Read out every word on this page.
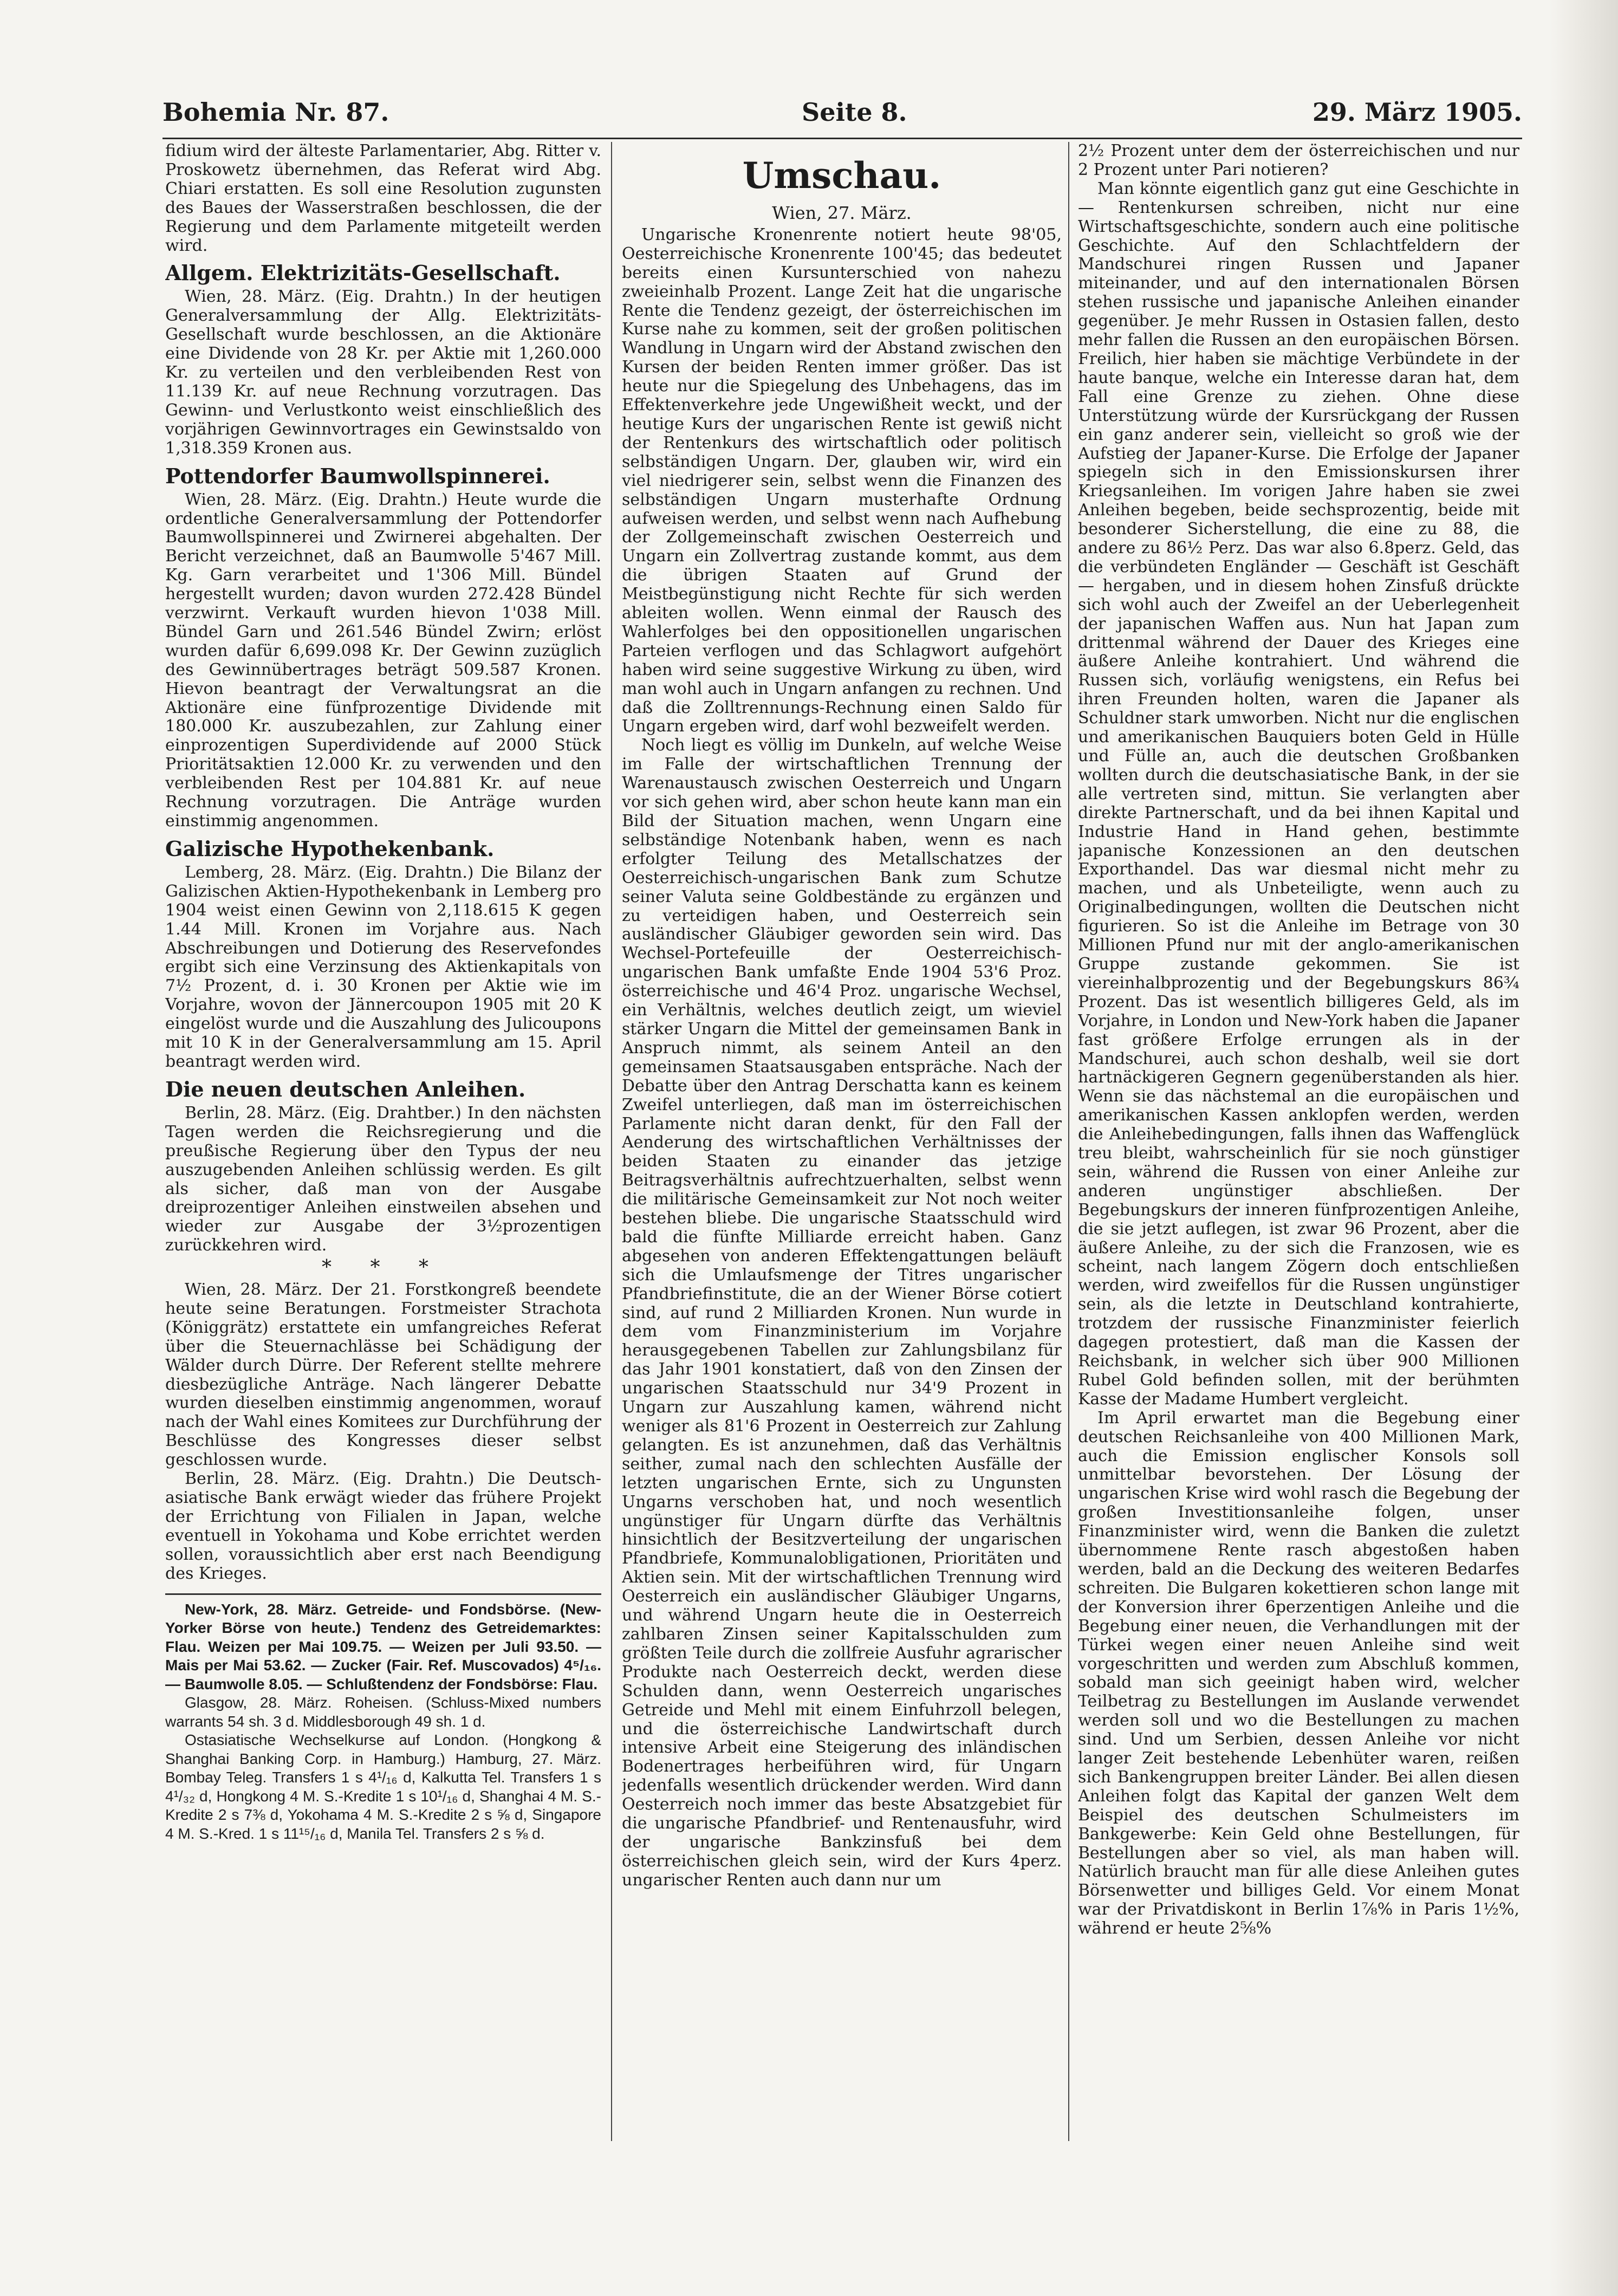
Bohemia Nr. 87.	Seite 8.	29. März 1905.

fidium wird der älteste Parlamentarier, Abg. Ritter v. Proskowetz übernehmen, das Referat wird Abg. Chiari erstatten. Es soll eine Resolution zugunsten des Baues der Wasserstraßen beschlossen, die der Regierung und dem Parlamente mitgeteilt werden wird.

Allgem. Elektrizitäts-Gesellschaft.

Wien, 28. März. (Eig. Drahtn.) In der heutigen Generalversammlung der Allg. Elektrizitäts-Gesellschaft wurde beschlossen, an die Aktionäre eine Dividende von 28 Kr. per Aktie mit 1,260.000 Kr. zu verteilen und den verbleibenden Rest von 11.139 Kr. auf neue Rechnung vorzutragen. Das Gewinn- und Verlustkonto weist einschließlich des vorjährigen Gewinnvortrages ein Gewinstsaldo von 1,318.359 Kronen aus.

Pottendorfer Baumwollspinnerei.

Wien, 28. März. (Eig. Drahtn.) Heute wurde die ordentliche Generalversammlung der Pottendorfer Baumwollspinnerei und Zwirnerei abgehalten. Der Bericht verzeichnet, daß an Baumwolle 5'467 Mill. Kg. Garn verarbeitet und 1'306 Mill. Bündel hergestellt wurden; davon wurden 272.428 Bündel verzwirnt. Verkauft wurden hievon 1'038 Mill. Bündel Garn und 261.546 Bündel Zwirn; erlöst wurden dafür 6,699.098 Kr. Der Gewinn zuzüglich des Gewinnübertrages beträgt 509.587 Kronen. Hievon beantragt der Verwaltungsrat an die Aktionäre eine fünfprozentige Dividende mit 180.000 Kr. auszubezahlen, zur Zahlung einer einprozentigen Superdividende auf 2000 Stück Prioritätsaktien 12.000 Kr. zu verwenden und den verbleibenden Rest per 104.881 Kr. auf neue Rechnung vorzutragen. Die Anträge wurden einstimmig angenommen.

Galizische Hypothekenbank.

Lemberg, 28. März. (Eig. Drahtn.) Die Bilanz der Galizischen Aktien-Hypothekenbank in Lemberg pro 1904 weist einen Gewinn von 2,118.615 K gegen 1.44 Mill. Kronen im Vorjahre aus. Nach Abschreibungen und Dotierung des Reservefondes ergibt sich eine Verzinsung des Aktienkapitals von 7½ Prozent, d. i. 30 Kronen per Aktie wie im Vorjahre, wovon der Jännercoupon 1905 mit 20 K eingelöst wurde und die Auszahlung des Julicoupons mit 10 K in der Generalversammlung am 15. April beantragt werden wird.

Die neuen deutschen Anleihen.

Berlin, 28. März. (Eig. Drahtber.) In den nächsten Tagen werden die Reichsregierung und die preußische Regierung über den Typus der neu auszugebenden Anleihen schlüssig werden. Es gilt als sicher, daß man von der Ausgabe dreiprozentiger Anleihen einstweilen absehen und wieder zur Ausgabe der 3½prozentigen zurückkehren wird.

* * *

Wien, 28. März. Der 21. Forstkongreß beendete heute seine Beratungen. Forstmeister Strachota (Königgrätz) erstattete ein umfangreiches Referat über die Steuernachlässe bei Schädigung der Wälder durch Dürre. Der Referent stellte mehrere diesbezügliche Anträge. Nach längerer Debatte wurden dieselben einstimmig angenommen, worauf nach der Wahl eines Komitees zur Durchführung der Beschlüsse des Kongresses dieser selbst geschlossen wurde.

Berlin, 28. März. (Eig. Drahtn.) Die Deutsch-asiatische Bank erwägt wieder das frühere Projekt der Errichtung von Filialen in Japan, welche eventuell in Yokohama und Kobe errichtet werden sollen, voraussichtlich aber erst nach Beendigung des Krieges.

New-York, 28. März. Getreide- und Fondsbörse. (New-Yorker Börse von heute.) Tendenz des Getreidemarktes: Flau. Weizen per Mai 109.75. — Weizen per Juli 93.50. — Mais per Mai 53.62. — Zucker (Fair. Ref. Muscovados) 4⁵/₁₆. — Baumwolle 8.05. — Schlußtendenz der Fondsbörse: Flau.

Glasgow, 28. März. Roheisen. (Schluss-Mixed numbers warrants 54 sh. 3 d. Middlesborough 49 sh. 1 d.

Ostasiatische Wechselkurse auf London. (Hongkong & Shanghai Banking Corp. in Hamburg.) Hamburg, 27. März. Bombay Teleg. Transfers 1 s 4¹/₁₆ d, Kalkutta Tel. Transfers 1 s 4¹/₃₂ d, Hongkong 4 M. S.-Kredite 1 s 10¹/₁₆ d, Shanghai 4 M. S.-Kredite 2 s 7⅜ d, Yokohama 4 M. S.-Kredite 2 s ⅝ d, Singapore 4 M. S.-Kred. 1 s 11¹⁵/₁₆ d, Manila Tel. Transfers 2 s ⅝ d.

Umschau.
Wien, 27. März.

Ungarische Kronenrente notiert heute 98'05, Oesterreichische Kronenrente 100'45; das bedeutet bereits einen Kursunterschied von nahezu zweieinhalb Prozent. Lange Zeit hat die ungarische Rente die Tendenz gezeigt, der österreichischen im Kurse nahe zu kommen, seit der großen politischen Wandlung in Ungarn wird der Abstand zwischen den Kursen der beiden Renten immer größer. Das ist heute nur die Spiegelung des Unbehagens, das im Effektenverkehre jede Ungewißheit weckt, und der heutige Kurs der ungarischen Rente ist gewiß nicht der Rentenkurs des wirtschaftlich oder politisch selbständigen Ungarn. Der, glauben wir, wird ein viel niedrigerer sein, selbst wenn die Finanzen des selbständigen Ungarn musterhafte Ordnung aufweisen werden, und selbst wenn nach Aufhebung der Zollgemeinschaft zwischen Oesterreich und Ungarn ein Zollvertrag zustande kommt, aus dem die übrigen Staaten auf Grund der Meistbegünstigung nicht Rechte für sich werden ableiten wollen. Wenn einmal der Rausch des Wahlerfolges bei den oppositionellen ungarischen Parteien verflogen und das Schlagwort aufgehört haben wird seine suggestive Wirkung zu üben, wird man wohl auch in Ungarn anfangen zu rechnen. Und daß die Zolltrennungs-Rechnung einen Saldo für Ungarn ergeben wird, darf wohl bezweifelt werden.

Noch liegt es völlig im Dunkeln, auf welche Weise im Falle der wirtschaftlichen Trennung der Warenaustausch zwischen Oesterreich und Ungarn vor sich gehen wird, aber schon heute kann man ein Bild der Situation machen, wenn Ungarn eine selbständige Notenbank haben, wenn es nach erfolgter Teilung des Metallschatzes der Oesterreichisch-ungarischen Bank zum Schutze seiner Valuta seine Goldbestände zu ergänzen und zu verteidigen haben, und Oesterreich sein ausländischer Gläubiger geworden sein wird. Das Wechsel-Portefeuille der Oesterreichisch-ungarischen Bank umfaßte Ende 1904 53'6 Proz. österreichische und 46'4 Proz. ungarische Wechsel, ein Verhältnis, welches deutlich zeigt, um wieviel stärker Ungarn die Mittel der gemeinsamen Bank in Anspruch nimmt, als seinem Anteil an den gemeinsamen Staatsausgaben entspräche. Nach der Debatte über den Antrag Derschatta kann es keinem Zweifel unterliegen, daß man im österreichischen Parlamente nicht daran denkt, für den Fall der Aenderung des wirtschaftlichen Verhältnisses der beiden Staaten zu einander das jetzige Beitragsverhältnis aufrechtzuerhalten, selbst wenn die militärische Gemeinsamkeit zur Not noch weiter bestehen bliebe. Die ungarische Staatsschuld wird bald die fünfte Milliarde erreicht haben. Ganz abgesehen von anderen Effektengattungen beläuft sich die Umlaufsmenge der Titres ungarischer Pfandbriefinstitute, die an der Wiener Börse cotiert sind, auf rund 2 Milliarden Kronen. Nun wurde in dem vom Finanzministerium im Vorjahre herausgegebenen Tabellen zur Zahlungsbilanz für das Jahr 1901 konstatiert, daß von den Zinsen der ungarischen Staatsschuld nur 34'9 Prozent in Ungarn zur Auszahlung kamen, während nicht weniger als 81'6 Prozent in Oesterreich zur Zahlung gelangten. Es ist anzunehmen, daß das Verhältnis seither, zumal nach den schlechten Ausfälle der letzten ungarischen Ernte, sich zu Ungunsten Ungarns verschoben hat, und noch wesentlich ungünstiger für Ungarn dürfte das Verhältnis hinsichtlich der Besitzverteilung der ungarischen Pfandbriefe, Kommunalobligationen, Prioritäten und Aktien sein. Mit der wirtschaftlichen Trennung wird Oesterreich ein ausländischer Gläubiger Ungarns, und während Ungarn heute die in Oesterreich zahlbaren Zinsen seiner Kapitalsschulden zum größten Teile durch die zollfreie Ausfuhr agrarischer Produkte nach Oesterreich deckt, werden diese Schulden dann, wenn Oesterreich ungarisches Getreide und Mehl mit einem Einfuhrzoll belegen, und die österreichische Landwirtschaft durch intensive Arbeit eine Steigerung des inländischen Bodenertrages herbeiführen wird, für Ungarn jedenfalls wesentlich drückender werden. Wird dann Oesterreich noch immer das beste Absatzgebiet für die ungarische Pfandbrief- und Rentenausfuhr, wird der ungarische Bankzinsfuß bei dem österreichischen gleich sein, wird der Kurs 4perz. ungarischer Renten auch dann nur um

2½ Prozent unter dem der österreichischen und nur 2 Prozent unter Pari notieren?

Man könnte eigentlich ganz gut eine Geschichte in — Rentenkursen schreiben, nicht nur eine Wirtschaftsgeschichte, sondern auch eine politische Geschichte. Auf den Schlachtfeldern der Mandschurei ringen Russen und Japaner miteinander, und auf den internationalen Börsen stehen russische und japanische Anleihen einander gegenüber. Je mehr Russen in Ostasien fallen, desto mehr fallen die Russen an den europäischen Börsen. Freilich, hier haben sie mächtige Verbündete in der haute banque, welche ein Interesse daran hat, dem Fall eine Grenze zu ziehen. Ohne diese Unterstützung würde der Kursrückgang der Russen ein ganz anderer sein, vielleicht so groß wie der Aufstieg der Japaner-Kurse. Die Erfolge der Japaner spiegeln sich in den Emissionskursen ihrer Kriegsanleihen. Im vorigen Jahre haben sie zwei Anleihen begeben, beide sechsprozentig, beide mit besonderer Sicherstellung, die eine zu 88, die andere zu 86½ Perz. Das war also 6.8perz. Geld, das die verbündeten Engländer — Geschäft ist Geschäft — hergaben, und in diesem hohen Zinsfuß drückte sich wohl auch der Zweifel an der Ueberlegenheit der japanischen Waffen aus. Nun hat Japan zum drittenmal während der Dauer des Krieges eine äußere Anleihe kontrahiert. Und während die Russen sich, vorläufig wenigstens, ein Refus bei ihren Freunden holten, waren die Japaner als Schuldner stark umworben. Nicht nur die englischen und amerikanischen Bauquiers boten Geld in Hülle und Fülle an, auch die deutschen Großbanken wollten durch die deutschasiatische Bank, in der sie alle vertreten sind, mittun. Sie verlangten aber direkte Partnerschaft, und da bei ihnen Kapital und Industrie Hand in Hand gehen, bestimmte japanische Konzessionen an den deutschen Exporthandel. Das war diesmal nicht mehr zu machen, und als Unbeteiligte, wenn auch zu Originalbedingungen, wollten die Deutschen nicht figurieren. So ist die Anleihe im Betrage von 30 Millionen Pfund nur mit der anglo-amerikanischen Gruppe zustande gekommen. Sie ist viereinhalbprozentig und der Begebungskurs 86¾ Prozent. Das ist wesentlich billigeres Geld, als im Vorjahre, in London und New-York haben die Japaner fast größere Erfolge errungen als in der Mandschurei, auch schon deshalb, weil sie dort hartnäckigeren Gegnern gegenüberstanden als hier. Wenn sie das nächstemal an die europäischen und amerikanischen Kassen anklopfen werden, werden die Anleihebedingungen, falls ihnen das Waffenglück treu bleibt, wahrscheinlich für sie noch günstiger sein, während die Russen von einer Anleihe zur anderen ungünstiger abschließen. Der Begebungskurs der inneren fünfprozentigen Anleihe, die sie jetzt auflegen, ist zwar 96 Prozent, aber die äußere Anleihe, zu der sich die Franzosen, wie es scheint, nach langem Zögern doch entschließen werden, wird zweifellos für die Russen ungünstiger sein, als die letzte in Deutschland kontrahierte, trotzdem der russische Finanzminister feierlich dagegen protestiert, daß man die Kassen der Reichsbank, in welcher sich über 900 Millionen Rubel Gold befinden sollen, mit der berühmten Kasse der Madame Humbert vergleicht.

Im April erwartet man die Begebung einer deutschen Reichsanleihe von 400 Millionen Mark, auch die Emission englischer Konsols soll unmittelbar bevorstehen. Der Lösung der ungarischen Krise wird wohl rasch die Begebung der großen Investitionsanleihe folgen, unser Finanzminister wird, wenn die Banken die zuletzt übernommene Rente rasch abgestoßen haben werden, bald an die Deckung des weiteren Bedarfes schreiten. Die Bulgaren kokettieren schon lange mit der Konversion ihrer 6perzentigen Anleihe und die Begebung einer neuen, die Verhandlungen mit der Türkei wegen einer neuen Anleihe sind weit vorgeschritten und werden zum Abschluß kommen, sobald man sich geeinigt haben wird, welcher Teilbetrag zu Bestellungen im Auslande verwendet werden soll und wo die Bestellungen zu machen sind. Und um Serbien, dessen Anleihe vor nicht langer Zeit bestehende Lebenhüter waren, reißen sich Bankengruppen breiter Länder. Bei allen diesen Anleihen folgt das Kapital der ganzen Welt dem Beispiel des deutschen Schulmeisters im Bankgewerbe: Kein Geld ohne Bestellungen, für Bestellungen aber so viel, als man haben will. Natürlich braucht man für alle diese Anleihen gutes Börsenwetter und billiges Geld. Vor einem Monat war der Privatdiskont in Berlin 1⅞% in Paris 1½%, während er heute 2⅝%
